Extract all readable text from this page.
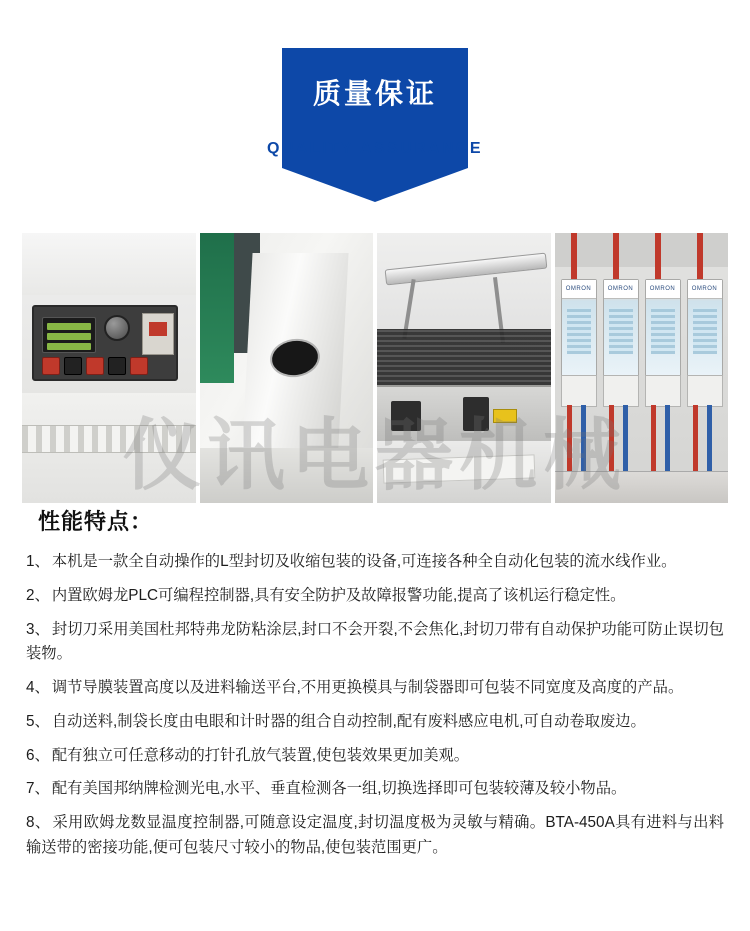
质量保证
QUALITY ASSURANCE
OMRON	OMRON	OMRON	OMRON
仪讯电器机械
性能特点：
1、 本机是一款全自动操作的L型封切及收缩包装的设备,可连接各种全自动化包装的流水线作业。
2、 内置欧姆龙PLC可编程控制器,具有安全防护及故障报警功能,提高了该机运行稳定性。
3、 封切刀采用美国杜邦特弗龙防粘涂层,封口不会开裂,不会焦化,封切刀带有自动保护功能可防止误切包装物。
4、 调节导膜装置高度以及进料输送平台,不用更换模具与制袋器即可包装不同宽度及高度的产品。
5、 自动送料,制袋长度由电眼和计时器的组合自动控制,配有废料感应电机,可自动卷取废边。
6、 配有独立可任意移动的打针孔放气装置,使包装效果更加美观。
7、 配有美国邦纳牌检测光电,水平、垂直检测各一组,切换选择即可包装较薄及较小物品。
8、 采用欧姆龙数显温度控制器,可随意设定温度,封切温度极为灵敏与精确。BTA-450A具有进料与出料输送带的密接功能,便可包装尺寸较小的物品,使包装范围更广。
